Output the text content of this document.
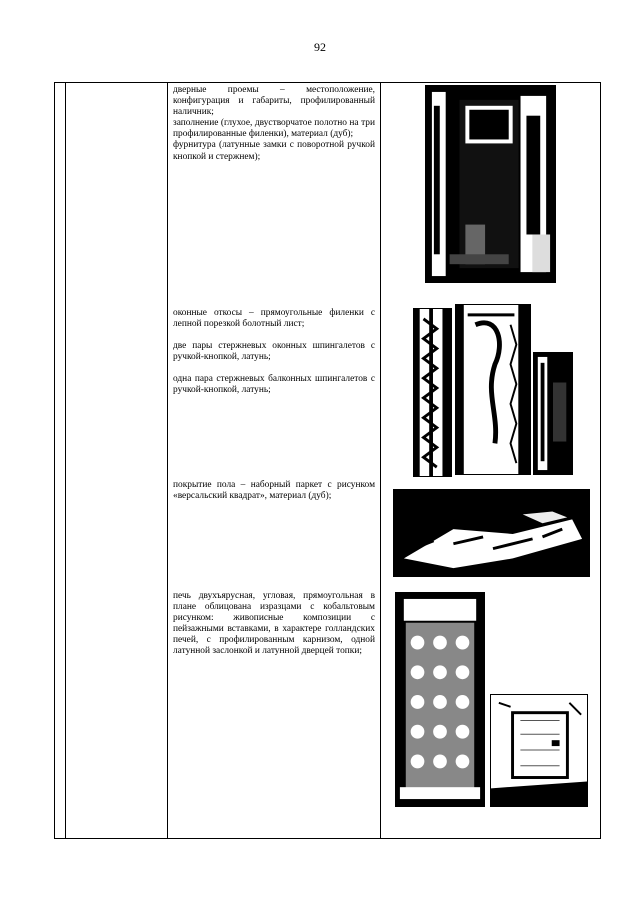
92

дверные проемы – местоположение, конфигурация и габариты, профилированный наличник;

заполнение (глухое, двустворчатое полотно на три профилированные филенки), материал (дуб);

фурнитура (латунные замки с поворотной ручкой кнопкой и стержнем);

оконные откосы – прямоугольные филенки с лепной порезкой болотный лист;

две пары стержневых оконных шпингалетов с ручкой-кнопкой, латунь;

одна пара стержневых балконных шпингалетов с ручкой-кнопкой, латунь;

покрытие пола – наборный паркет с рисунком «версальский квадрат», материал (дуб);

печь двухъярусная, угловая, прямоугольная в плане облицована изразцами с кобальтовым рисунком: живописные композиции с пейзажными вставками, в характере голландских печей, с профилированным карнизом, одной латунной заслонкой и латунной дверцей топки;
